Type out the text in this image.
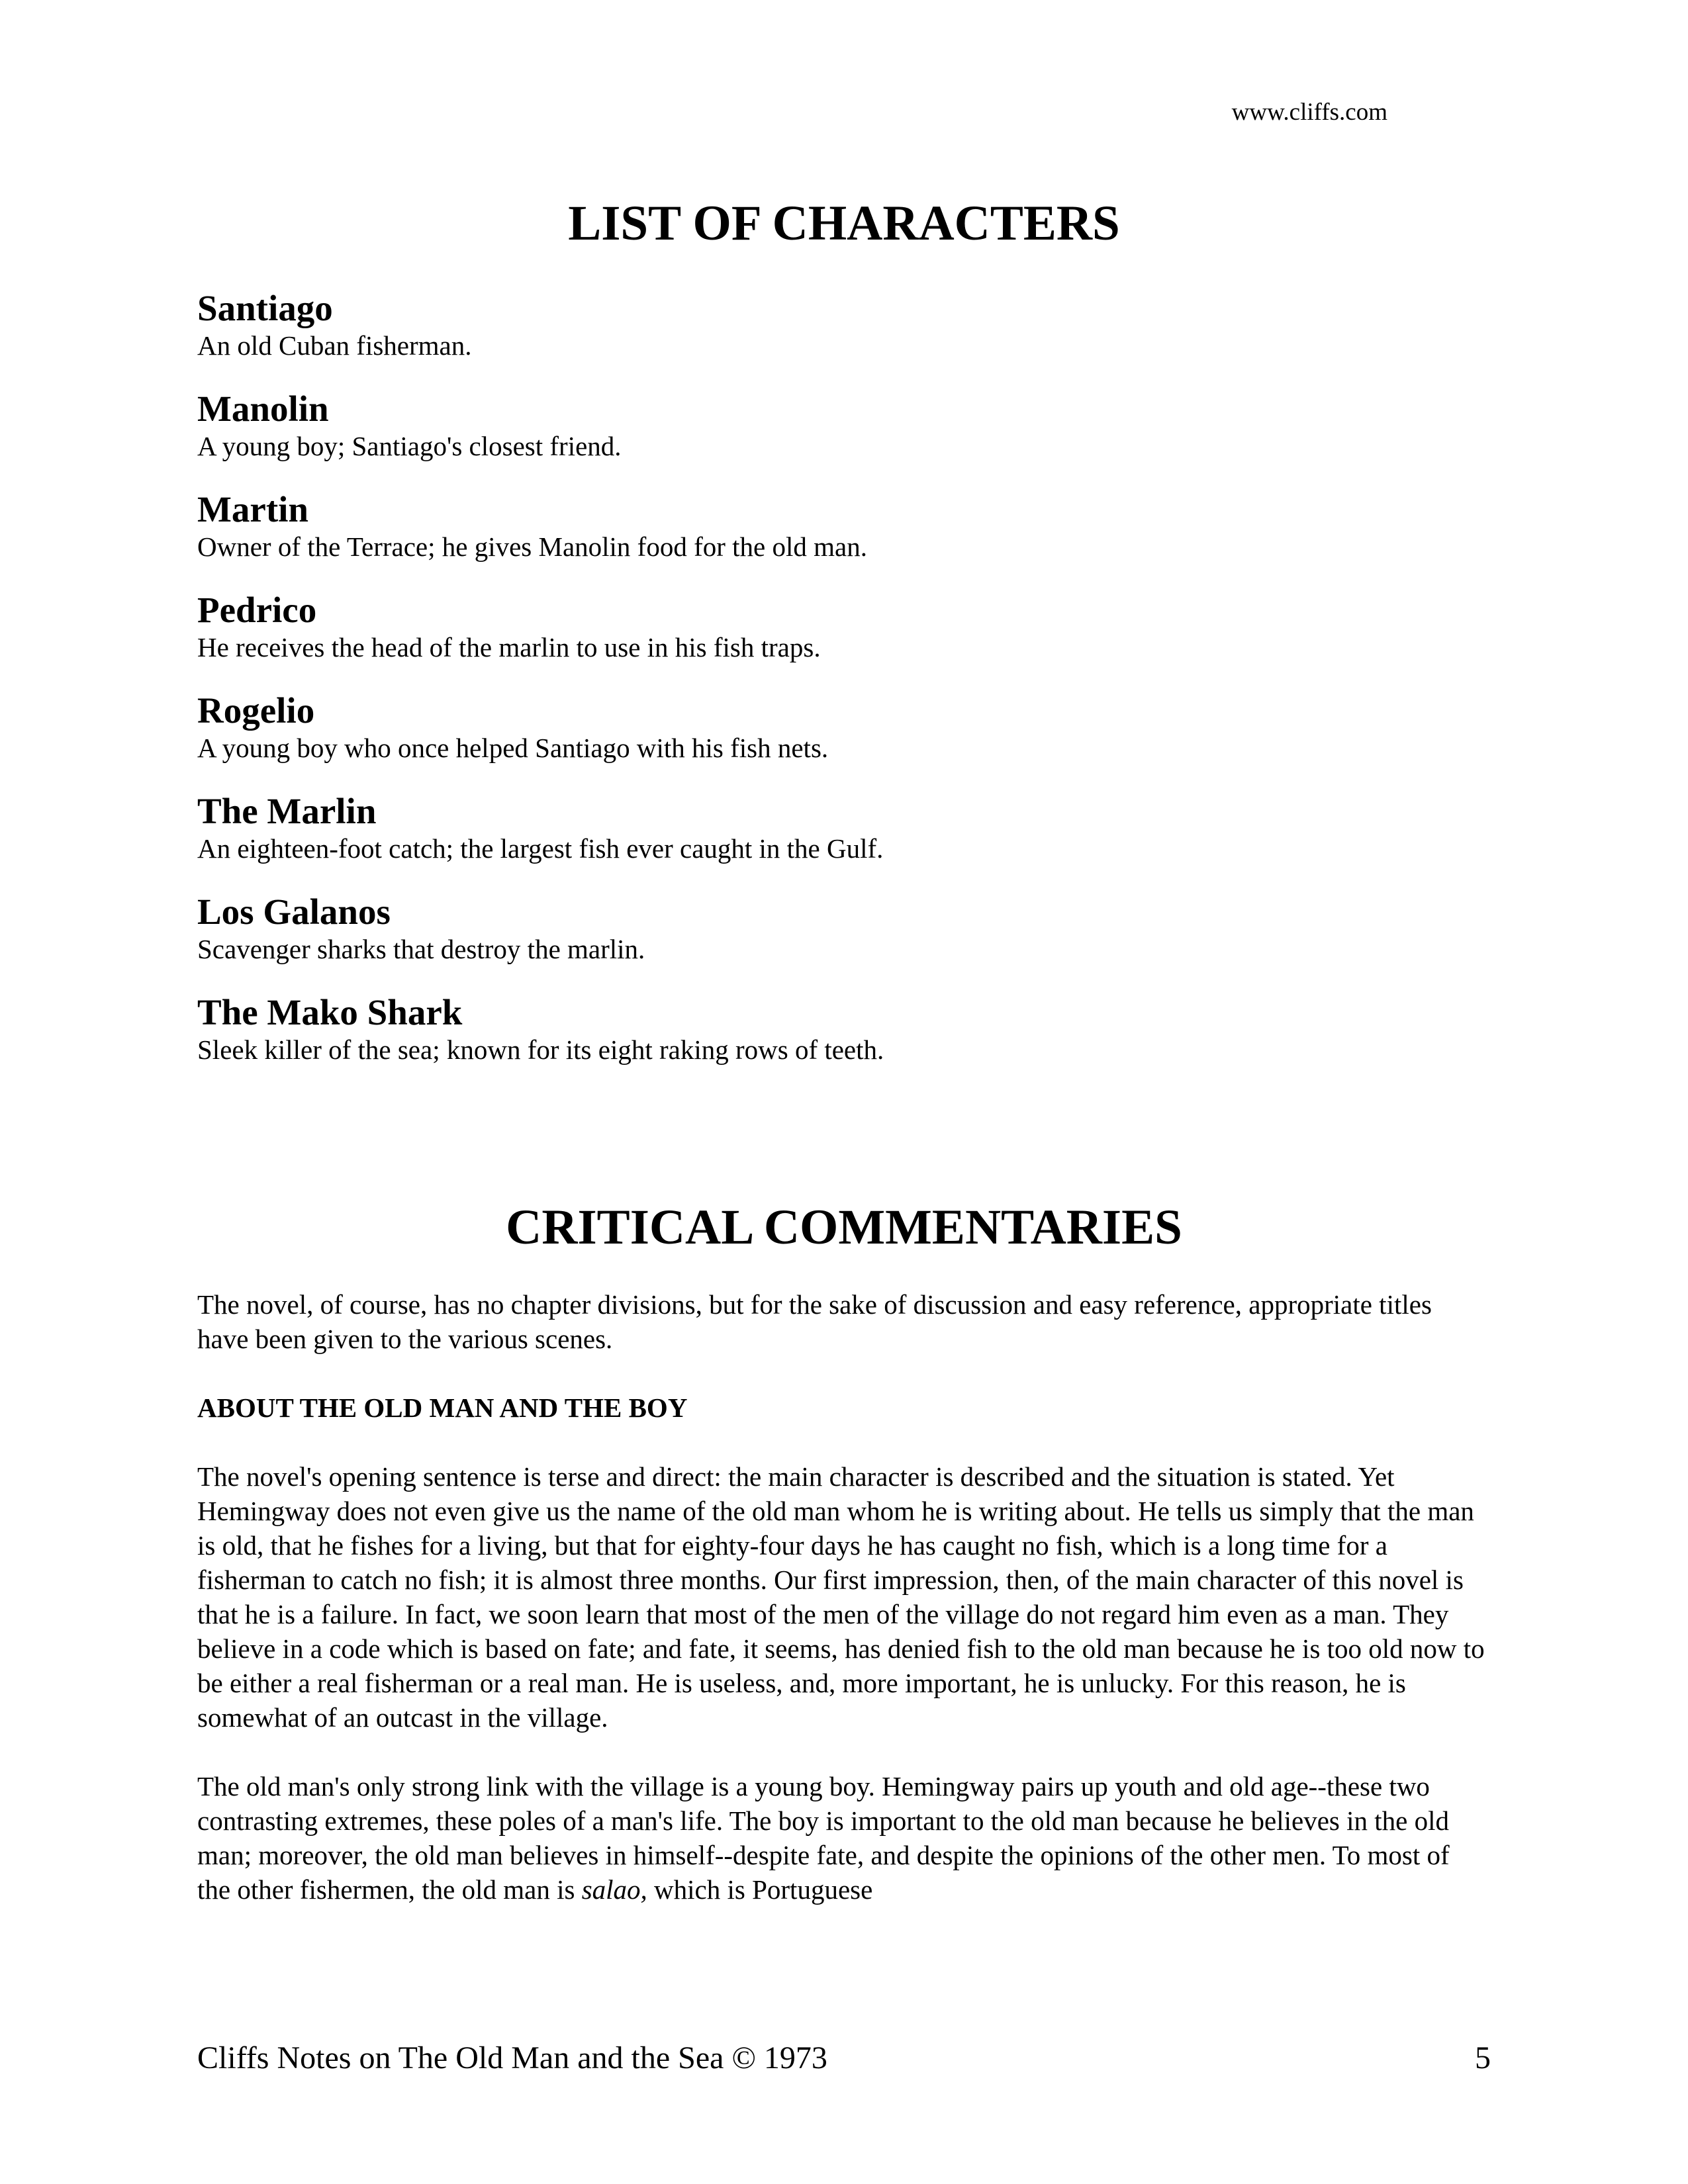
www.cliffs.com
LIST OF CHARACTERS
Santiago
An old Cuban fisherman.
Manolin
A young boy; Santiago's closest friend.
Martin
Owner of the Terrace; he gives Manolin food for the old man.
Pedrico
He receives the head of the marlin to use in his fish traps.
Rogelio
A young boy who once helped Santiago with his fish nets.
The Marlin
An eighteen-foot catch; the largest fish ever caught in the Gulf.
Los Galanos
Scavenger sharks that destroy the marlin.
The Mako Shark
Sleek killer of the sea; known for its eight raking rows of teeth.
CRITICAL COMMENTARIES

The novel, of course, has no chapter divisions, but for the sake of discussion and easy reference, appropriate titles have been given to the various scenes.

ABOUT THE OLD MAN AND THE BOY

The novel's opening sentence is terse and direct: the main character is described and the situation is stated. Yet Hemingway does not even give us the name of the old man whom he is writing about. He tells us simply that the man is old, that he fishes for a living, but that for eighty-four days he has caught no fish, which is a long time for a fisherman to catch no fish; it is almost three months. Our first impression, then, of the main character of this novel is that he is a failure. In fact, we soon learn that most of the men of the village do not regard him even as a man. They believe in a code which is based on fate; and fate, it seems, has denied fish to the old man because he is too old now to be either a real fisherman or a real man. He is useless, and, more important, he is unlucky. For this reason, he is somewhat of an outcast in the village.

The old man's only strong link with the village is a young boy. Hemingway pairs up youth and old age--these two contrasting extremes, these poles of a man's life. The boy is important to the old man because he believes in the old man; moreover, the old man believes in himself--despite fate, and despite the opinions of the other men. To most of the other fishermen, the old man is salao, which is Portuguese

Cliffs Notes on The Old Man and the Sea © 1973	5
